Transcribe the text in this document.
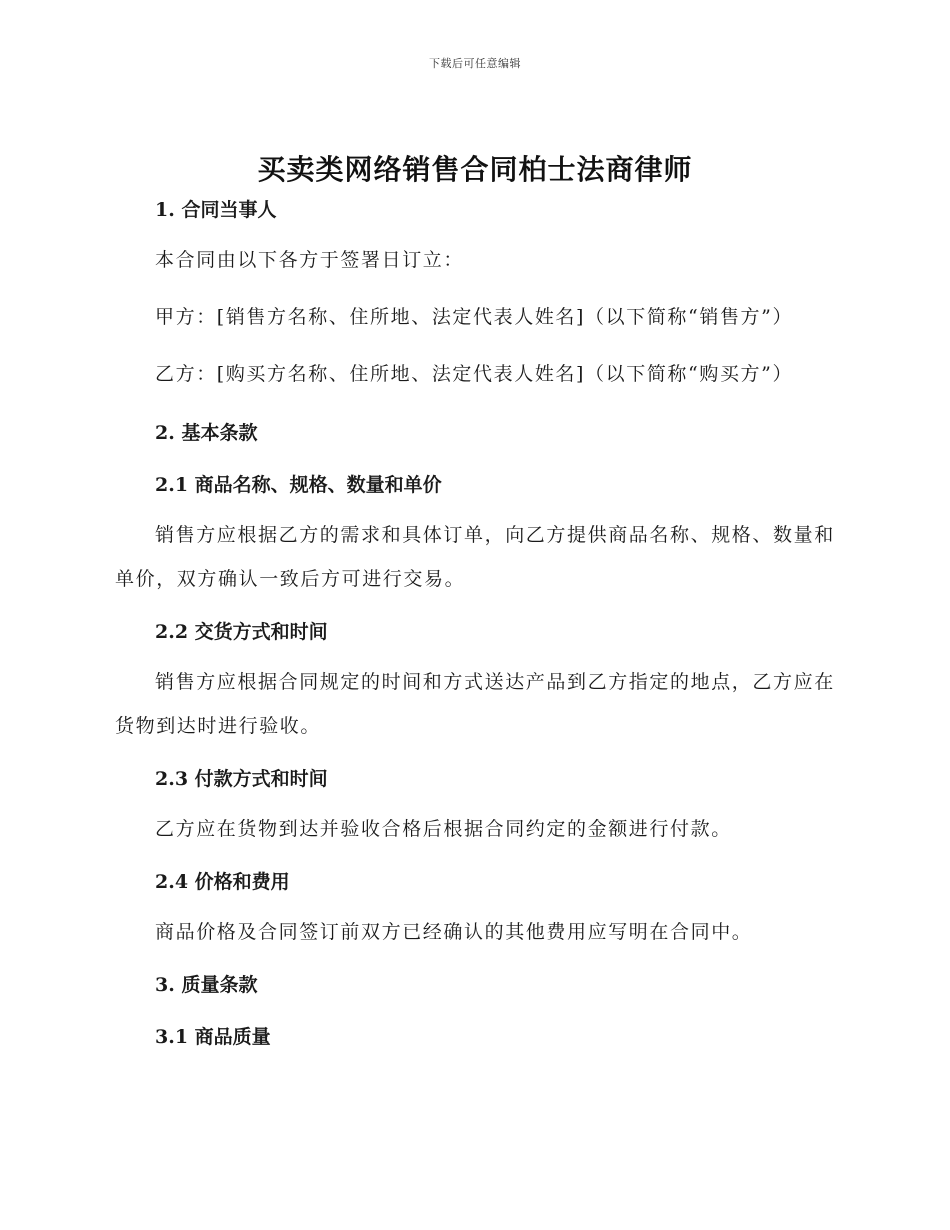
下载后可任意编辑
买卖类网络销售合同柏士法商律师
1. 合同当事人
本合同由以下各方于签署日订立：
甲方：[销售方名称、住所地、法定代表人姓名]（以下简称“销售方”）
乙方：[购买方名称、住所地、法定代表人姓名]（以下简称“购买方”）
2. 基本条款
2.1 商品名称、规格、数量和单价
销售方应根据乙方的需求和具体订单，向乙方提供商品名称、规格、数量和单价，双方确认一致后方可进行交易。
2.2 交货方式和时间
销售方应根据合同规定的时间和方式送达产品到乙方指定的地点，乙方应在货物到达时进行验收。
2.3 付款方式和时间
乙方应在货物到达并验收合格后根据合同约定的金额进行付款。
2.4 价格和费用
商品价格及合同签订前双方已经确认的其他费用应写明在合同中。
3. 质量条款
3.1 商品质量
